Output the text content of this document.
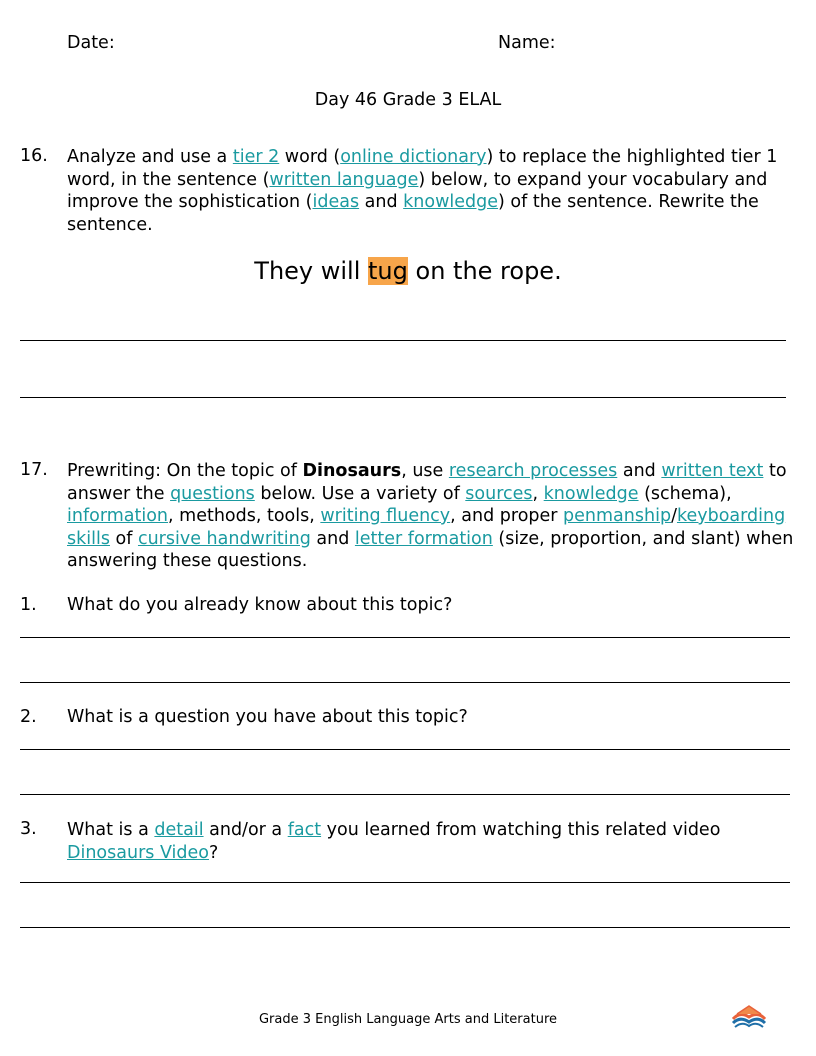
Date:	Name:
Day 46 Grade 3 ELAL
16. Analyze and use a tier 2 word (online dictionary) to replace the highlighted tier 1
word, in the sentence (written language) below, to expand your vocabulary and
improve the sophistication (ideas and knowledge) of the sentence. Rewrite the
sentence.
They will tug on the rope.
17. Prewriting: On the topic of Dinosaurs, use research processes and written text to
answer the questions below. Use a variety of sources, knowledge (schema),
information, methods, tools, writing fluency, and proper penmanship/keyboarding
skills of cursive handwriting and letter formation (size, proportion, and slant) when
answering these questions.
1. What do you already know about this topic?
2. What is a question you have about this topic?
3. What is a detail and/or a fact you learned from watching this related video
Dinosaurs Video?
Grade 3 English Language Arts and Literature
